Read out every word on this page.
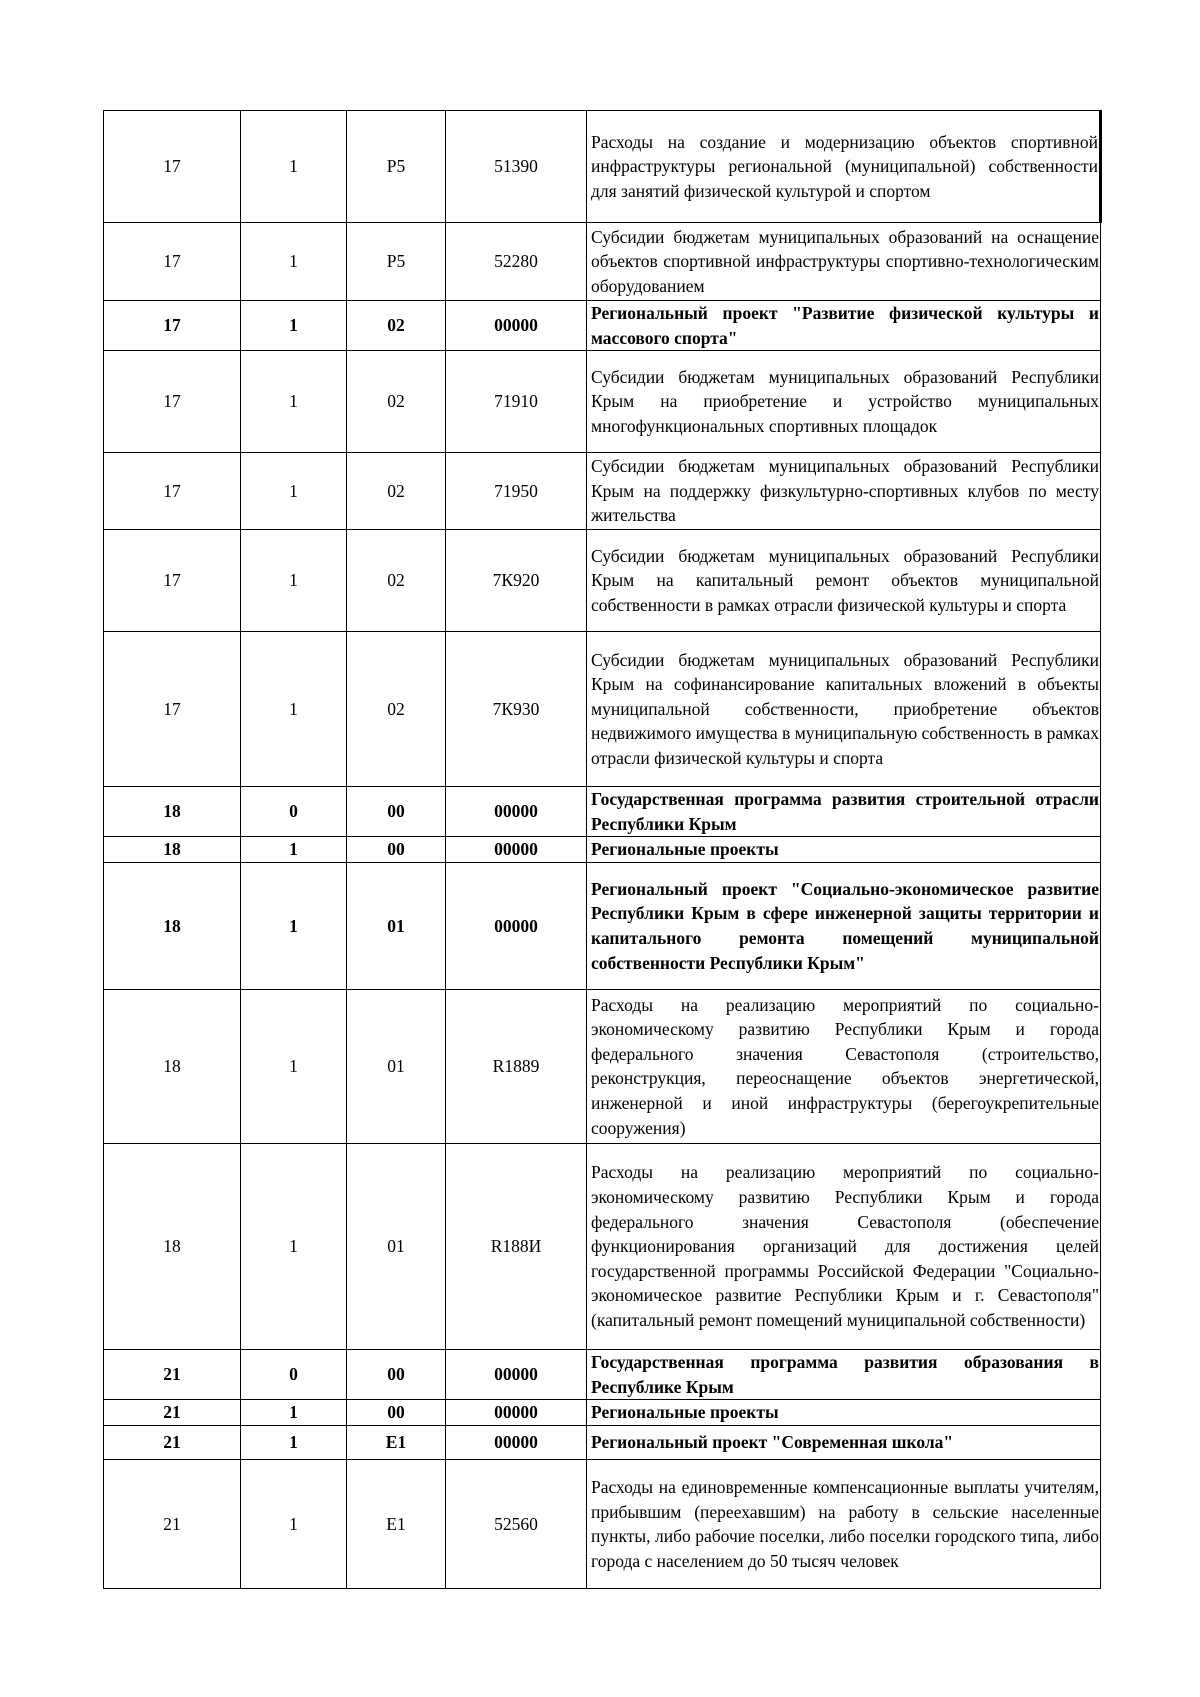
17	1	P5	51390	Расходы на создание и модернизацию объектов спортивной инфраструктуры региональной (муниципальной) собственности для занятий физической культурой и спортом
17	1	P5	52280	Субсидии бюджетам муниципальных образований на оснащение объектов спортивной инфраструктуры спортивно-технологическим оборудованием
17	1	02	00000	Региональный проект "Развитие физической культуры и массового спорта"
17	1	02	71910	Субсидии бюджетам муниципальных образований Республики Крым на приобретение и устройство муниципальных многофункциональных спортивных площадок
17	1	02	71950	Субсидии бюджетам муниципальных образований Республики Крым на поддержку физкультурно-спортивных клубов по месту жительства
17	1	02	7К920	Субсидии бюджетам муниципальных образований Республики Крым на капитальный ремонт объектов муниципальной собственности в рамках отрасли физической культуры и спорта
17	1	02	7К930	Субсидии бюджетам муниципальных образований Республики Крым на софинансирование капитальных вложений в объекты муниципальной собственности, приобретение объектов недвижимого имущества в муниципальную собственность в рамках отрасли физической культуры и спорта
18	0	00	00000	Государственная программа развития строительной отрасли Республики Крым
18	1	00	00000	Региональные проекты
18	1	01	00000	Региональный проект "Социально-экономическое развитие Республики Крым в сфере инженерной защиты территории и капитального ремонта помещений муниципальной собственности Республики Крым"
18	1	01	R1889	Расходы на реализацию мероприятий по социально-экономическому развитию Республики Крым и города федерального значения Севастополя (строительство, реконструкция, переоснащение объектов энергетической, инженерной и иной инфраструктуры (берегоукрепительные сооружения)
18	1	01	R188И	Расходы на реализацию мероприятий по социально-экономическому развитию Республики Крым и города федерального значения Севастополя (обеспечение функционирования организаций для достижения целей государственной программы Российской Федерации "Социально-экономическое развитие Республики Крым и г. Севастополя" (капитальный ремонт помещений муниципальной собственности)
21	0	00	00000	Государственная программа развития образования в Республике Крым
21	1	00	00000	Региональные проекты
21	1	Е1	00000	Региональный проект "Современная школа"
21	1	Е1	52560	Расходы на единовременные компенсационные выплаты учителям, прибывшим (переехавшим) на работу в сельские населенные пункты, либо рабочие поселки, либо поселки городского типа, либо города с населением до 50 тысяч человек
